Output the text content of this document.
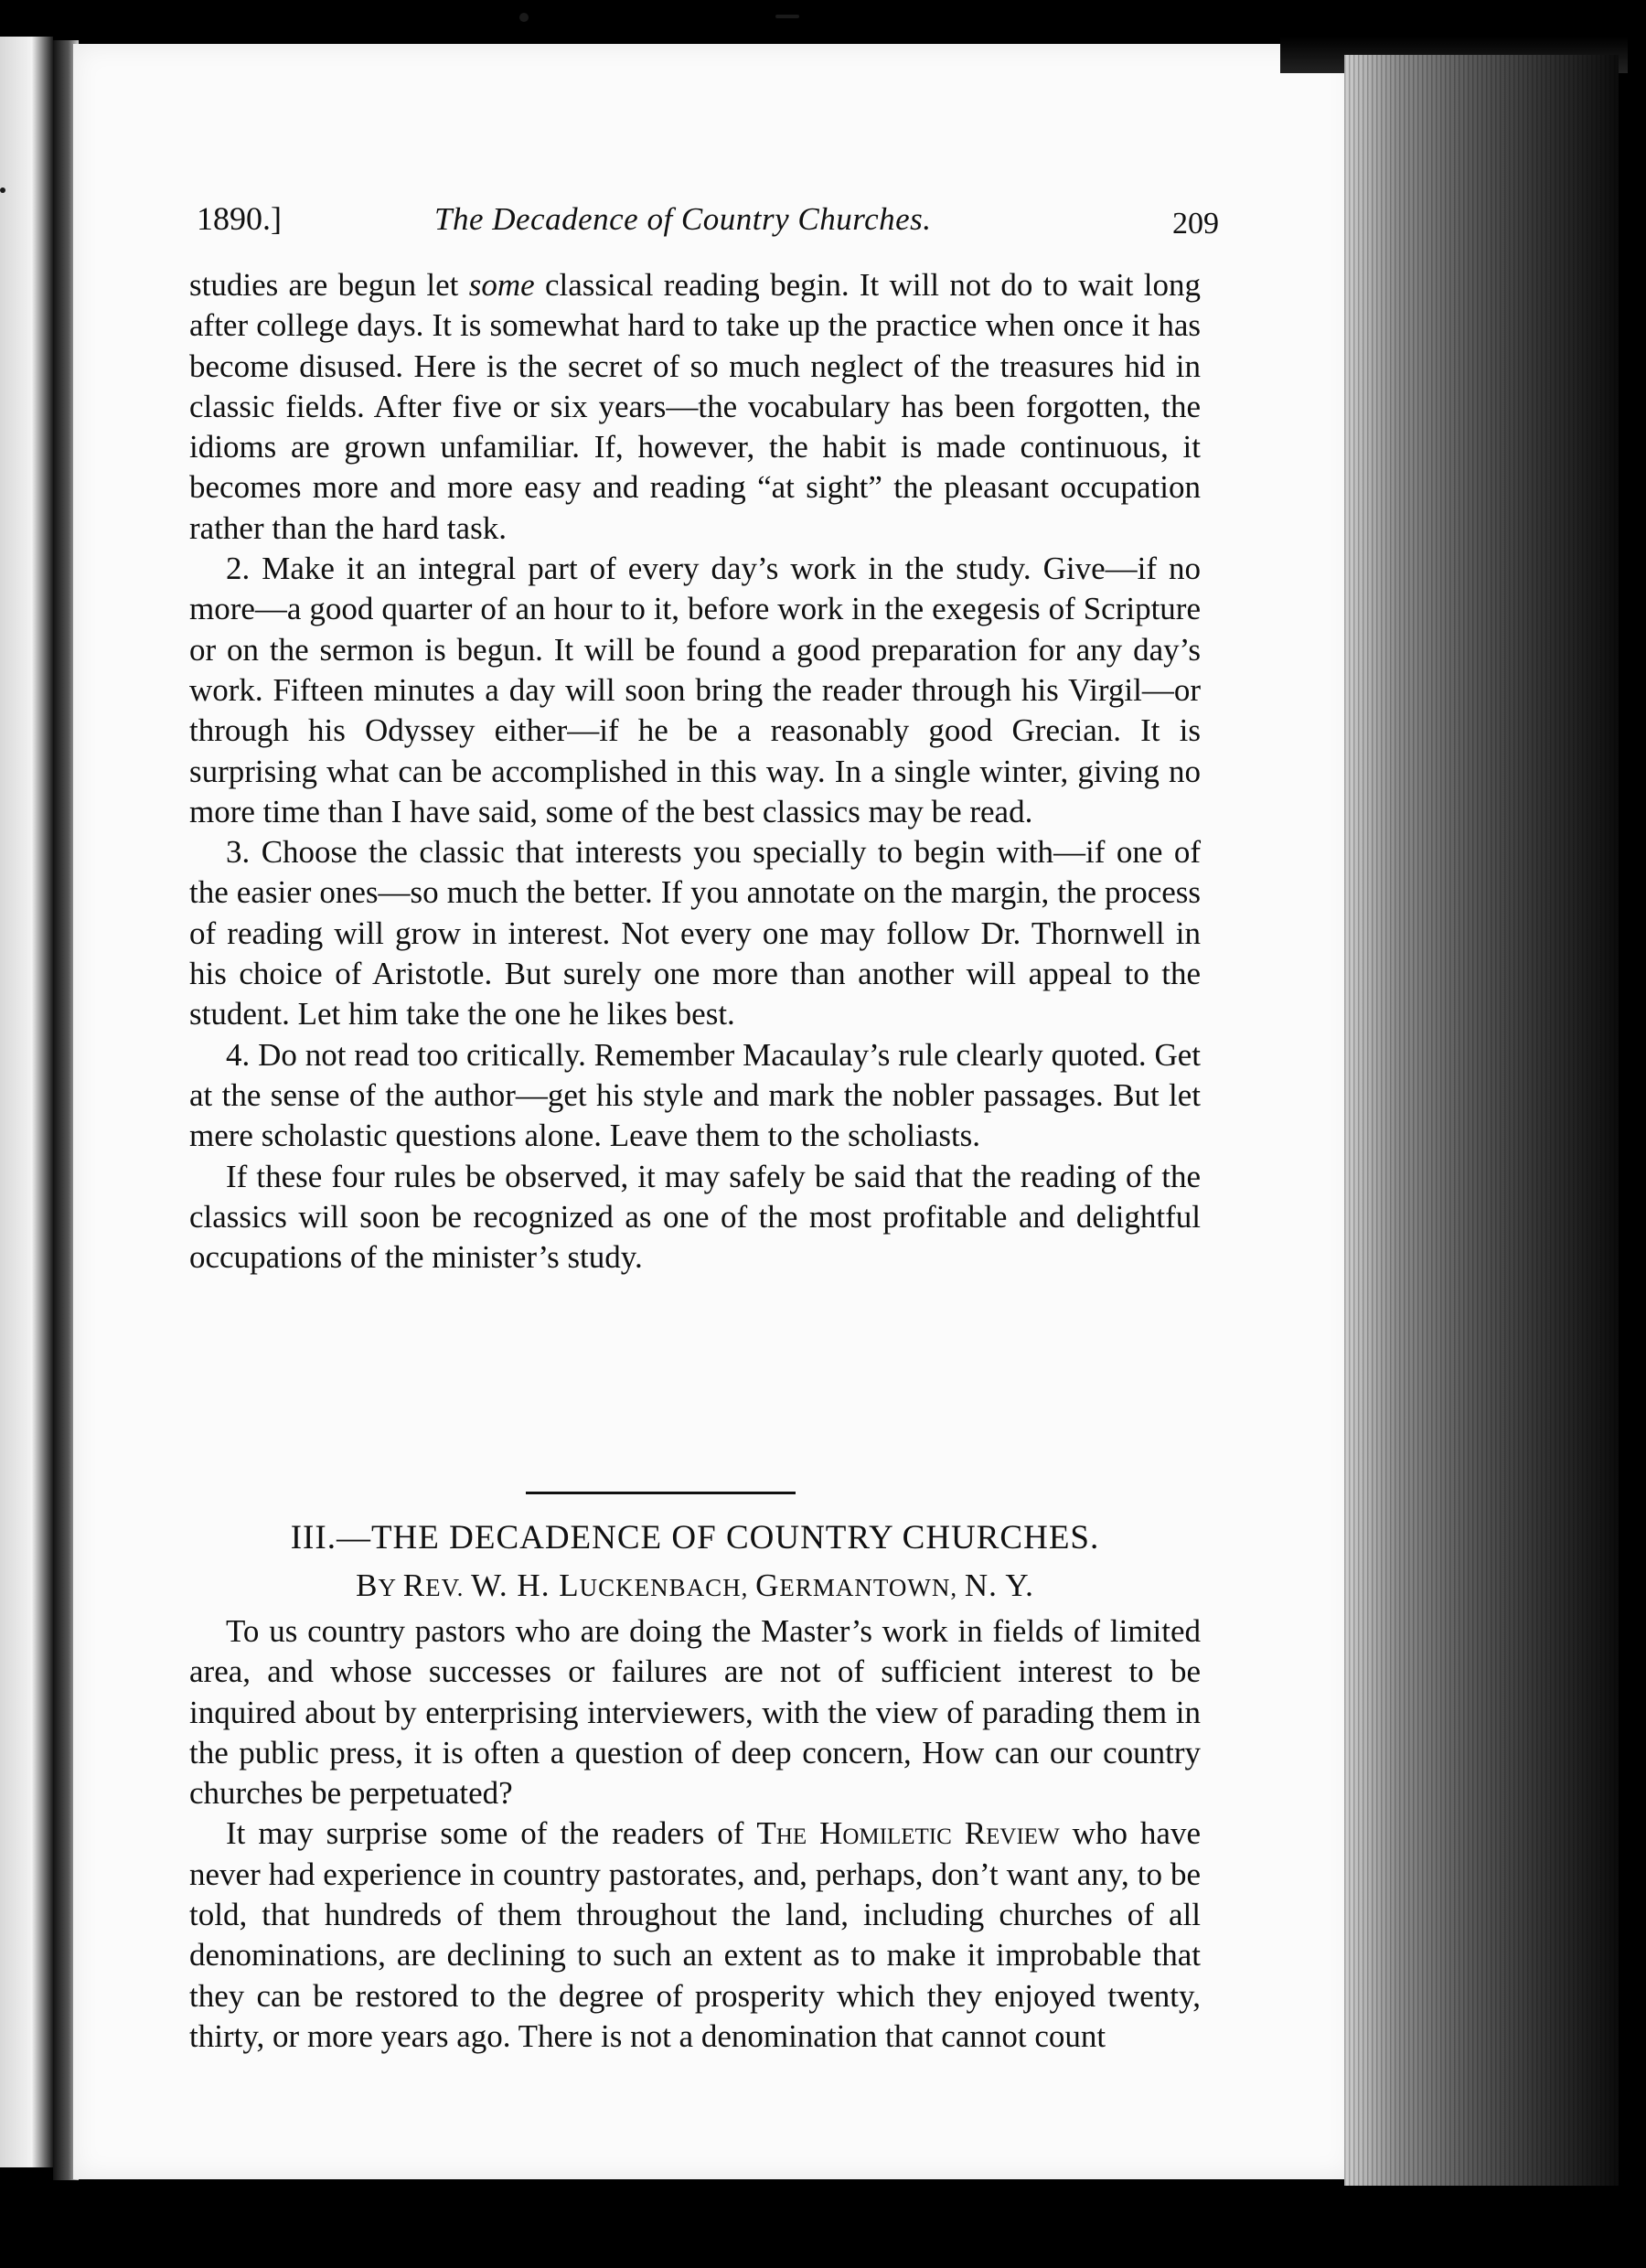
1890.]	The Decadence of Country Churches.	209

studies are begun let some classical reading begin. It will not do to wait long after college days. It is somewhat hard to take up the practice when once it has become disused. Here is the secret of so much neglect of the treasures hid in classic fields. After five or six years—the vocabulary has been forgotten, the idioms are grown unfamiliar. If, however, the habit is made continuous, it becomes more and more easy and reading “at sight” the pleasant occupation rather than the hard task.

2. Make it an integral part of every day’s work in the study. Give—if no more—a good quarter of an hour to it, before work in the exegesis of Scripture or on the sermon is begun. It will be found a good preparation for any day’s work. Fifteen minutes a day will soon bring the reader through his Virgil—or through his Odyssey either—if he be a reasonably good Grecian. It is surprising what can be accomplished in this way. In a single winter, giving no more time than I have said, some of the best classics may be read.

3. Choose the classic that interests you specially to begin with—if one of the easier ones—so much the better. If you annotate on the margin, the process of reading will grow in interest. Not every one may follow Dr. Thornwell in his choice of Aristotle. But surely one more than another will appeal to the student. Let him take the one he likes best.

4. Do not read too critically. Remember Macaulay’s rule clearly quoted. Get at the sense of the author—get his style and mark the nobler passages. But let mere scholastic questions alone. Leave them to the scholiasts.

If these four rules be observed, it may safely be said that the reading of the classics will soon be recognized as one of the most profitable and delightful occupations of the minister’s study.

III.—THE DECADENCE OF COUNTRY CHURCHES.
BY REV. W. H. LUCKENBACH, GERMANTOWN, N. Y.

To us country pastors who are doing the Master’s work in fields of limited area, and whose successes or failures are not of sufficient interest to be inquired about by enterprising interviewers, with the view of parading them in the public press, it is often a question of deep concern, How can our country churches be perpetuated?

It may surprise some of the readers of The Homiletic Review who have never had experience in country pastorates, and, perhaps, don’t want any, to be told, that hundreds of them throughout the land, including churches of all denominations, are declining to such an extent as to make it improbable that they can be restored to the degree of prosperity which they enjoyed twenty, thirty, or more years ago. There is not a denomination that cannot count
